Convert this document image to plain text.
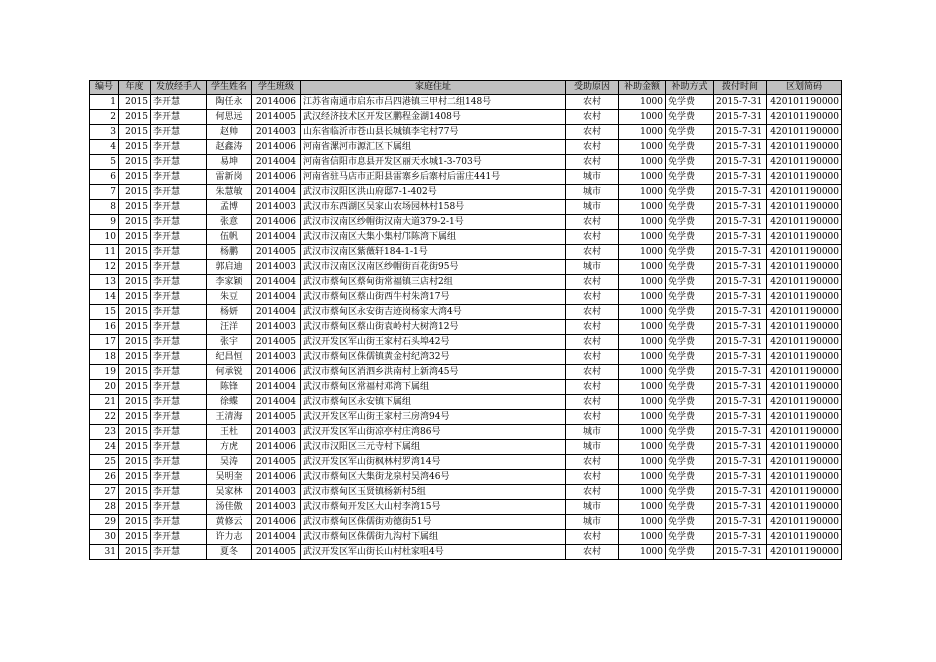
编号	年度	发放经手人	学生姓名	学生班级	家庭住址	受助原因	补助金额	补助方式	拨付时间	区划简码
1	2015	李开慧	陶任永	2014006	江苏省南通市启东市吕四港镇三甲村二组148号	农村	1000	免学费	2015-7-31	420101190000
2	2015	李开慧	何思远	2014005	武汉经济技术区开发区鹏程金湖1408号	农村	1000	免学费	2015-7-31	420101190000
3	2015	李开慧	赵帅	2014003	山东省临沂市苍山县长城镇李宅村77号	农村	1000	免学费	2015-7-31	420101190000
4	2015	李开慧	赵鑫涛	2014006	河南省漯河市源汇区下属组	农村	1000	免学费	2015-7-31	420101190000
5	2015	李开慧	易坤	2014004	河南省信阳市息县开发区丽天水城1-3-703号	农村	1000	免学费	2015-7-31	420101190000
6	2015	李开慧	雷新岗	2014006	河南省驻马店市正阳县雷寨乡后寨村后雷庄441号	城市	1000	免学费	2015-7-31	420101190000
7	2015	李开慧	朱慧敏	2014004	武汉市汉阳区洪山府邸7-1-402号	城市	1000	免学费	2015-7-31	420101190000
8	2015	李开慧	孟博	2014003	武汉市东西湖区吴家山农场园林村158号	城市	1000	免学费	2015-7-31	420101190000
9	2015	李开慧	张意	2014006	武汉市汉南区纱帽街汉南大道379-2-1号	农村	1000	免学费	2015-7-31	420101190000
10	2015	李开慧	伍帆	2014004	武汉市汉南区大集小集村邝陈湾下属组	农村	1000	免学费	2015-7-31	420101190000
11	2015	李开慧	杨鹏	2014005	武汉市汉南区紫薇轩184-1-1号	农村	1000	免学费	2015-7-31	420101190000
12	2015	李开慧	郭启迪	2014003	武汉市汉南区汉南区纱帽街百花街95号	城市	1000	免学费	2015-7-31	420101190000
13	2015	李开慧	李家颖	2014004	武汉市蔡甸区蔡甸街常福镇三店村2组	农村	1000	免学费	2015-7-31	420101190000
14	2015	李开慧	朱豆	2014004	武汉市蔡甸区蔡山街西牛村朱湾17号	农村	1000	免学费	2015-7-31	420101190000
15	2015	李开慧	杨妍	2014004	武汉市蔡甸区永安街吉迹岗杨家大湾4号	农村	1000	免学费	2015-7-31	420101190000
16	2015	李开慧	汪洋	2014003	武汉市蔡甸区蔡山街袁岭村大树湾12号	农村	1000	免学费	2015-7-31	420101190000
17	2015	李开慧	张宇	2014005	武汉开发区军山街王家村石头埠42号	农村	1000	免学费	2015-7-31	420101190000
18	2015	李开慧	纪昌恒	2014003	武汉市蔡甸区侏儒镇黄金村纪湾32号	农村	1000	免学费	2015-7-31	420101190000
19	2015	李开慧	何承锐	2014006	武汉市蔡甸区消泗乡洪南村上新湾45号	农村	1000	免学费	2015-7-31	420101190000
20	2015	李开慧	陈锋	2014004	武汉市蔡甸区常福村邓湾下属组	农村	1000	免学费	2015-7-31	420101190000
21	2015	李开慧	徐蝶	2014004	武汉市蔡甸区永安镇下属组	农村	1000	免学费	2015-7-31	420101190000
22	2015	李开慧	王清海	2014005	武汉开发区军山街王家村三房湾94号	农村	1000	免学费	2015-7-31	420101190000
23	2015	李开慧	王杜	2014003	武汉开发区军山街凉亭村庄湾86号	城市	1000	免学费	2015-7-31	420101190000
24	2015	李开慧	方虎	2014006	武汉市汉阳区三元寺村下属组	城市	1000	免学费	2015-7-31	420101190000
25	2015	李开慧	吴涛	2014005	武汉开发区军山街枫林村罗湾14号	农村	1000	免学费	2015-7-31	420101190000
26	2015	李开慧	吴明奎	2014006	武汉市蔡甸区大集街龙泉村吴湾46号	农村	1000	免学费	2015-7-31	420101190000
27	2015	李开慧	吴家林	2014003	武汉市蔡甸区玉贤镇杨新村5组	农村	1000	免学费	2015-7-31	420101190000
28	2015	李开慧	汤佳傲	2014003	武汉市蔡甸开发区大山村李湾15号	城市	1000	免学费	2015-7-31	420101190000
29	2015	李开慧	黄修云	2014006	武汉市蔡甸区侏儒街劝德街51号	城市	1000	免学费	2015-7-31	420101190000
30	2015	李开慧	许力志	2014004	武汉市蔡甸区侏儒街九沟村下属组	农村	1000	免学费	2015-7-31	420101190000
31	2015	李开慧	夏冬	2014005	武汉开发区军山街长山村杜家咀4号	农村	1000	免学费	2015-7-31	420101190000
